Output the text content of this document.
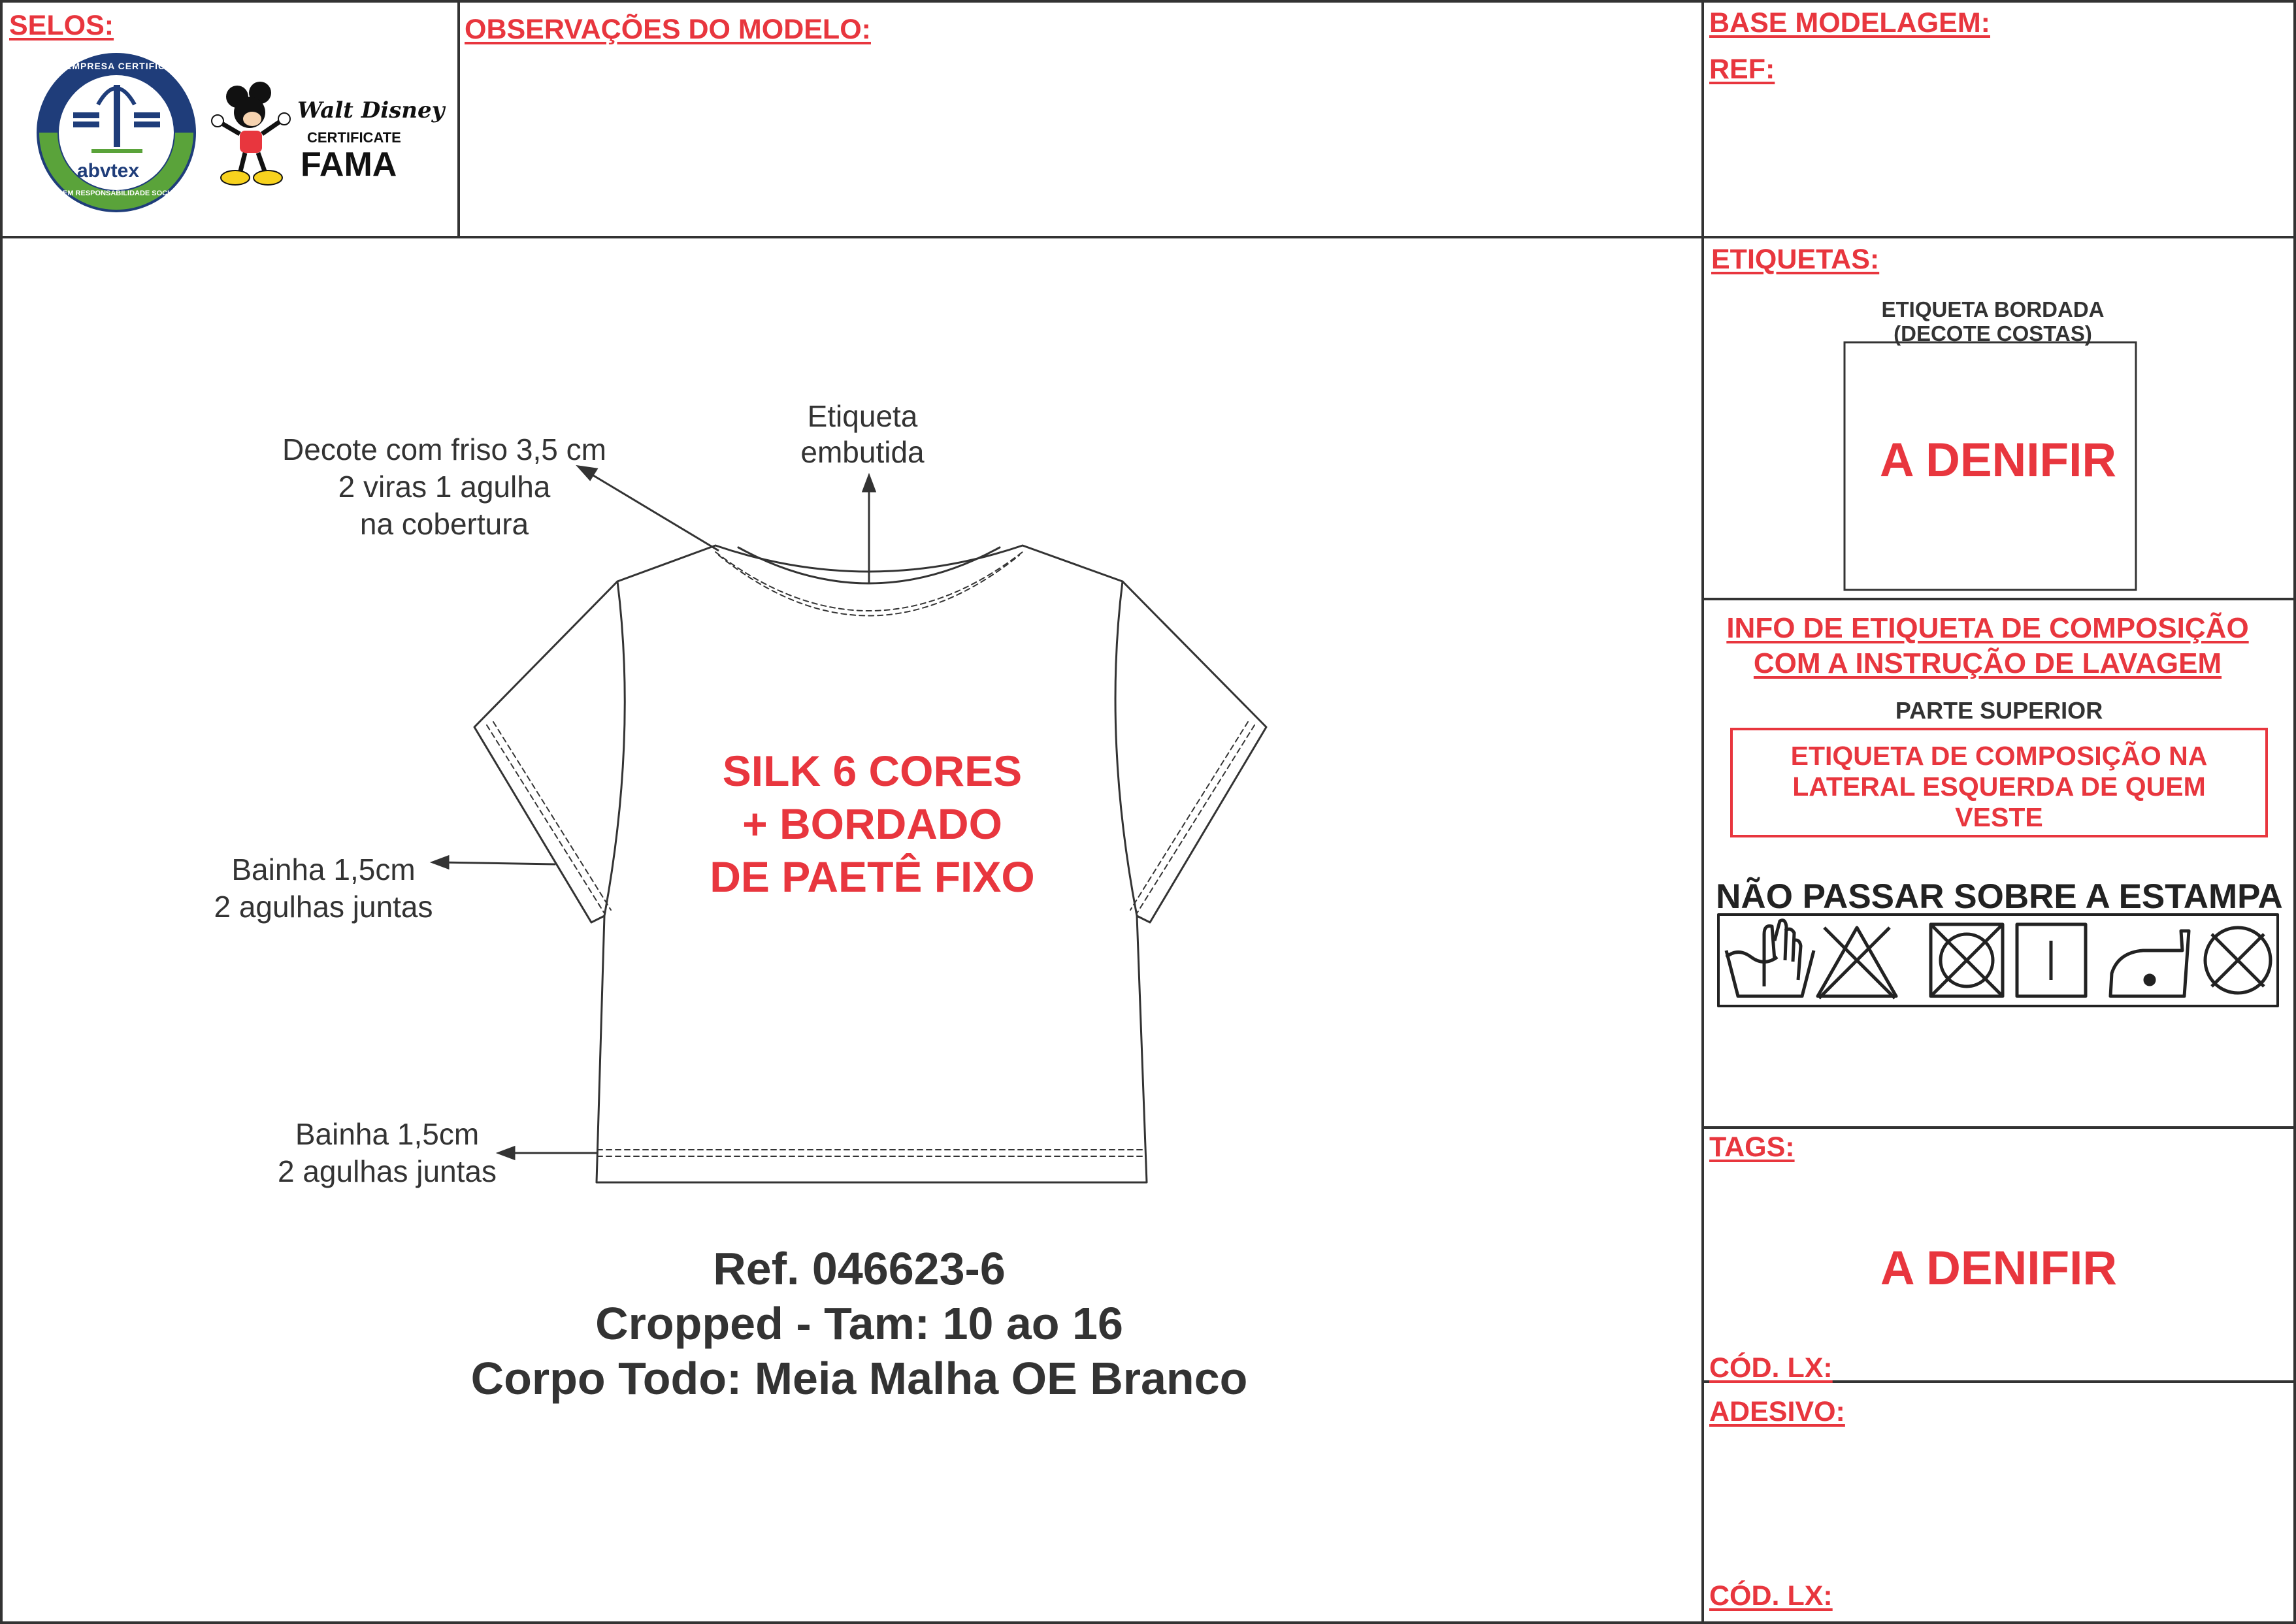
SELOS:	OBSERVAÇÕES DO MODELO:	BASE MODELAGEM:
REF:
abvtex
EMPRESA CERTIFICADA
EM RESPONSABILIDADE SOCIAL
Walt Disney
CERTIFICATE
FAMA
Decote com friso 3,5 cm
2 viras 1 agulha
na cobertura
Etiqueta
embutida
Bainha 1,5cm
2 agulhas juntas
Bainha 1,5cm
2 agulhas juntas
SILK 6 CORES
+ BORDADO
DE PAETÊ FIXO
Ref. 046623-6
Cropped - Tam: 10 ao 16
Corpo Todo: Meia Malha OE Branco
ETIQUETAS:
ETIQUETA BORDADA
(DECOTE COSTAS)
A DENIFIR
INFO DE ETIQUETA DE COMPOSIÇÃO
COM A INSTRUÇÃO DE LAVAGEM
PARTE SUPERIOR
ETIQUETA DE COMPOSIÇÃO NA
LATERAL ESQUERDA DE QUEM
VESTE
NÃO PASSAR SOBRE A ESTAMPA
TAGS:
A DENIFIR
CÓD. LX:
ADESIVO:
CÓD. LX:
